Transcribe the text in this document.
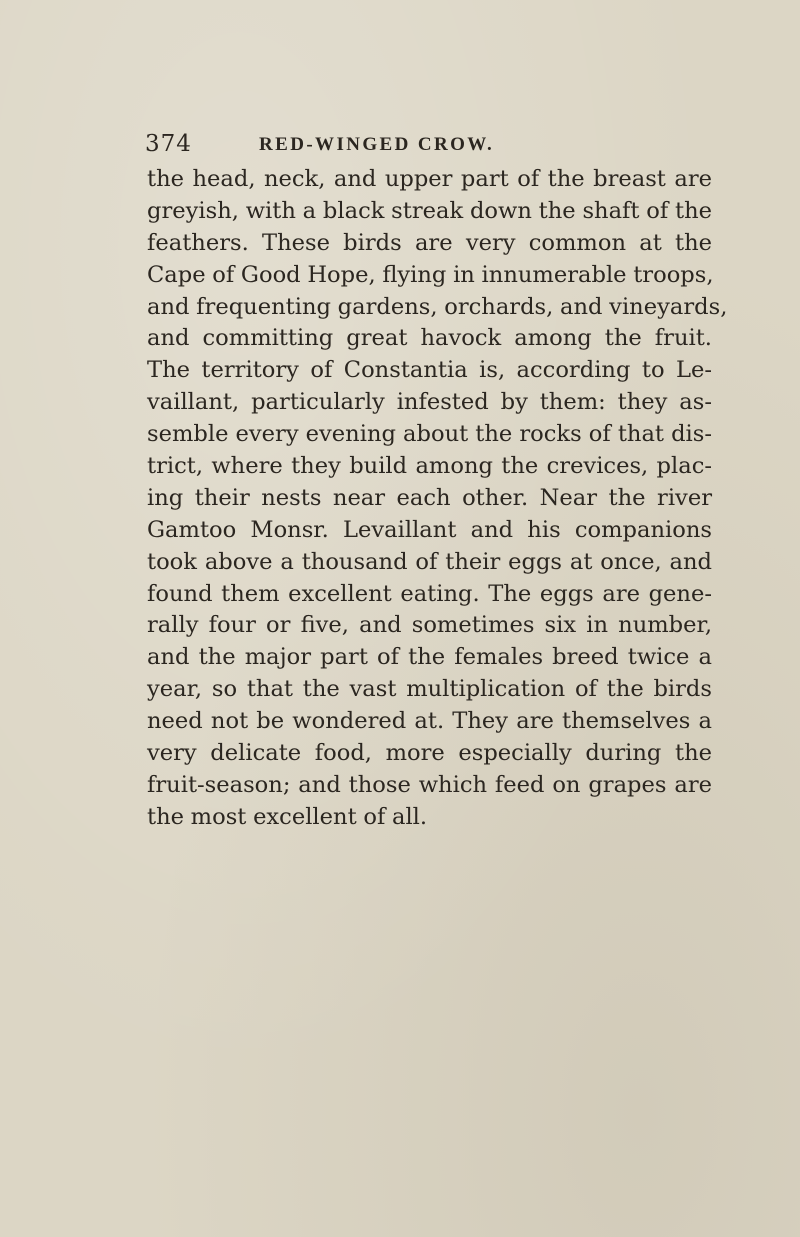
374	RED-WINGED CROW.
the head, neck, and upper part of the breast are
greyish, with a black streak down the shaft of the
feathers. These birds are very common at the
Cape of Good Hope, flying in innumerable troops,
and frequenting gardens, orchards, and vineyards,
and committing great havock among the fruit.
The territory of Constantia is, according to Le-
vaillant, particularly infested by them: they as-
semble every evening about the rocks of that dis-
trict, where they build among the crevices, plac-
ing their nests near each other. Near the river
Gamtoo Monsr. Levaillant and his companions
took above a thousand of their eggs at once, and
found them excellent eating. The eggs are gene-
rally four or five, and sometimes six in number,
and the major part of the females breed twice a
year, so that the vast multiplication of the birds
need not be wondered at. They are themselves a
very delicate food, more especially during the
fruit-season; and those which feed on grapes are
the most excellent of all.
